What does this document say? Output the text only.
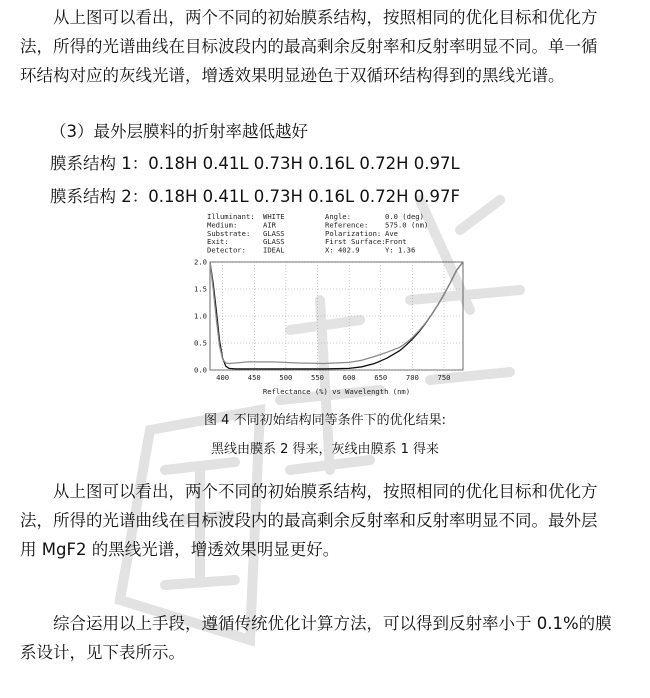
从上图可以看出，两个不同的初始膜系结构，按照相同的优化目标和优化方
法，所得的光谱曲线在目标波段内的最高剩余反射率和反射率明显不同。单一循
环结构对应的灰线光谱，增透效果明显逊色于双循环结构得到的黑线光谱。
（3）最外层膜料的折射率越低越好
膜系结构 1：0.18H 0.41L 0.73H 0.16L 0.72H 0.97L
膜系结构 2：0.18H 0.41L 0.73H 0.16L 0.72H 0.97F
Illuminant: WHITE
Medium:	AIR
Substrate: GLASS
Exit:	GLASS
Detector: IDEAL
Angle:	0.0 (deg)
Reference: 575.0 (nm)
Polarization: Ave
First Surface: Front
X: 402.9	Y: 1.36
400	450	500	550	600	650	700	750
0.0
0.5
1.0
1.5
2.0
Reflectance (%) vs Wavelength (nm)
图 4 不同初始结构同等条件下的优化结果:
黑线由膜系 2 得来，灰线由膜系 1 得来
从上图可以看出，两个不同的初始膜系结构，按照相同的优化目标和优化方
法，所得的光谱曲线在目标波段内的最高剩余反射率和反射率明显不同。最外层
用 MgF2 的黑线光谱，增透效果明显更好。
综合运用以上手段，遵循传统优化计算方法，可以得到反射率小于 0.1%的膜
系设计，见下表所示。
